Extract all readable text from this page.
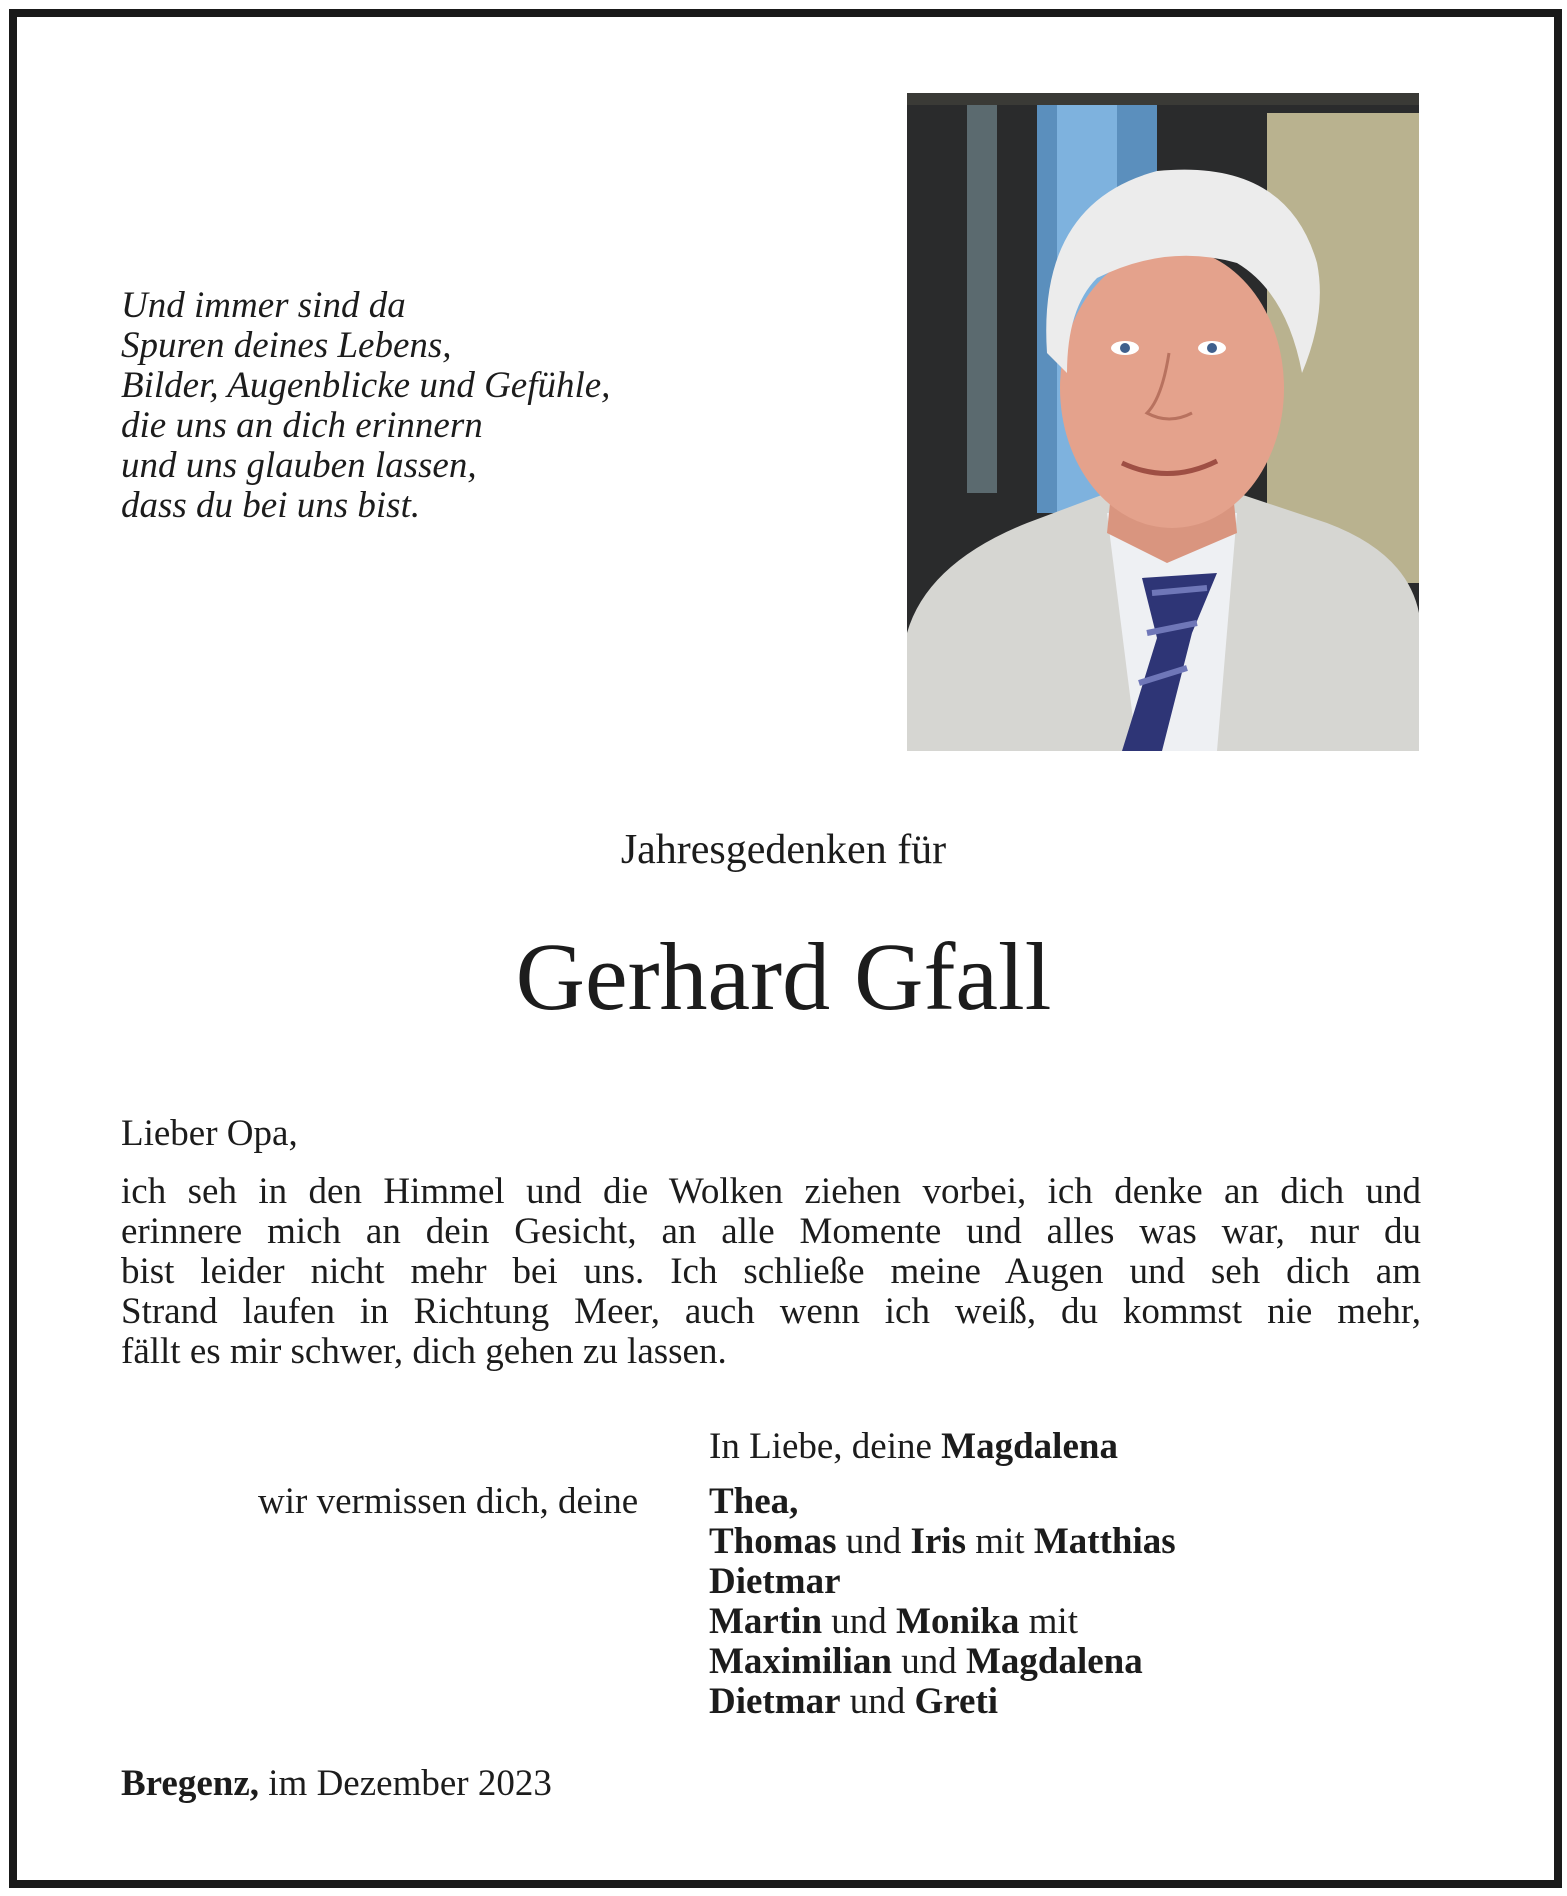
Und immer sind da
Spuren deines Lebens,
Bilder, Augenblicke und Gefühle,
die uns an dich erinnern
und uns glauben lassen,
dass du bei uns bist.
Jahresgedenken für
Gerhard Gfall
Lieber Opa,
ich seh in den Himmel und die Wolken ziehen vorbei, ich denke an dich und
erinnere mich an dein Gesicht, an alle Momente und alles was war, nur du
bist leider nicht mehr bei uns. Ich schließe meine Augen und seh dich am
Strand laufen in Richtung Meer, auch wenn ich weiß, du kommst nie mehr,
fällt es mir schwer, dich gehen zu lassen.
In Liebe, deine Magdalena
wir vermissen dich, deine Thea,
Thomas und Iris mit Matthias
Dietmar
Martin und Monika mit
Maximilian und Magdalena
Dietmar und Greti
Bregenz, im Dezember 2023
